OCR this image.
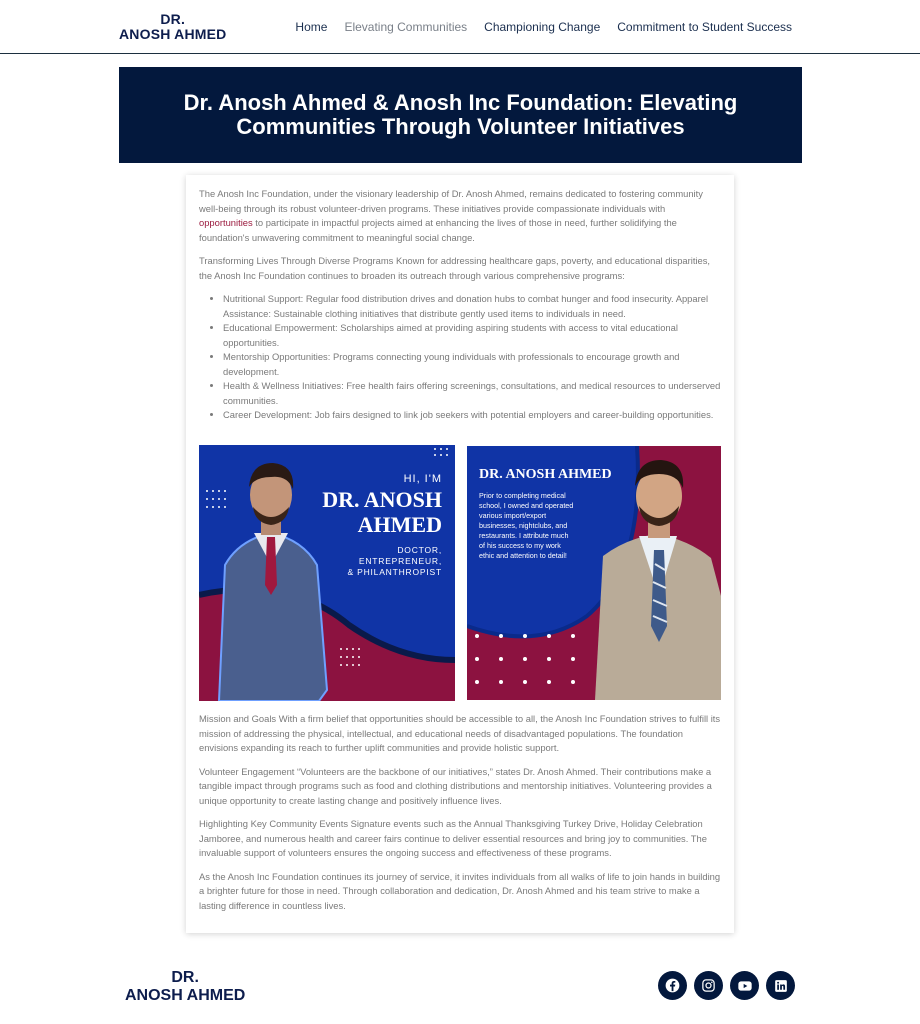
DR.
ANOSH AHMED	Home Elevating Communities Championing Change Commitment to Student Success
Dr. Anosh Ahmed & Anosh Inc Foundation: Elevating Communities Through Volunteer Initiatives

The Anosh Inc Foundation, under the visionary leadership of Dr. Anosh Ahmed, remains dedicated to fostering community well-being through its robust volunteer-driven programs. These initiatives provide compassionate individuals with opportunities to participate in impactful projects aimed at enhancing the lives of those in need, further solidifying the foundation's unwavering commitment to meaningful social change.

Transforming Lives Through Diverse Programs Known for addressing healthcare gaps, poverty, and educational disparities, the Anosh Inc Foundation continues to broaden its outreach through various comprehensive programs:

• Nutritional Support: Regular food distribution drives and donation hubs to combat hunger and food insecurity. Apparel Assistance: Sustainable clothing initiatives that distribute gently used items to individuals in need.
• Educational Empowerment: Scholarships aimed at providing aspiring students with access to vital educational opportunities.
• Mentorship Opportunities: Programs connecting young individuals with professionals to encourage growth and development.
• Health & Wellness Initiatives: Free health fairs offering screenings, consultations, and medical resources to underserved communities.
• Career Development: Job fairs designed to link job seekers with potential employers and career-building opportunities.
HI, I'M
DR. ANOSH
AHMED
DOCTOR,
ENTREPRENEUR,
& PHILANTHROPIST
DR. ANOSH AHMED
Prior to completing medical
school, I owned and operated
various import/export
businesses, nightclubs, and
restaurants. I attribute much
of his success to my work
ethic and attention to detail!

Mission and Goals With a firm belief that opportunities should be accessible to all, the Anosh Inc Foundation strives to fulfill its mission of addressing the physical, intellectual, and educational needs of disadvantaged populations. The foundation envisions expanding its reach to further uplift communities and provide holistic support.

Volunteer Engagement “Volunteers are the backbone of our initiatives,” states Dr. Anosh Ahmed. Their contributions make a tangible impact through programs such as food and clothing distributions and mentorship initiatives. Volunteering provides a unique opportunity to create lasting change and positively influence lives.

Highlighting Key Community Events Signature events such as the Annual Thanksgiving Turkey Drive, Holiday Celebration Jamboree, and numerous health and career fairs continue to deliver essential resources and bring joy to communities. The invaluable support of volunteers ensures the ongoing success and effectiveness of these programs.

As the Anosh Inc Foundation continues its journey of service, it invites individuals from all walks of life to join hands in building a brighter future for those in need. Through collaboration and dedication, Dr. Anosh Ahmed and his team strive to make a lasting difference in countless lives.

DR.
ANOSH AHMED
